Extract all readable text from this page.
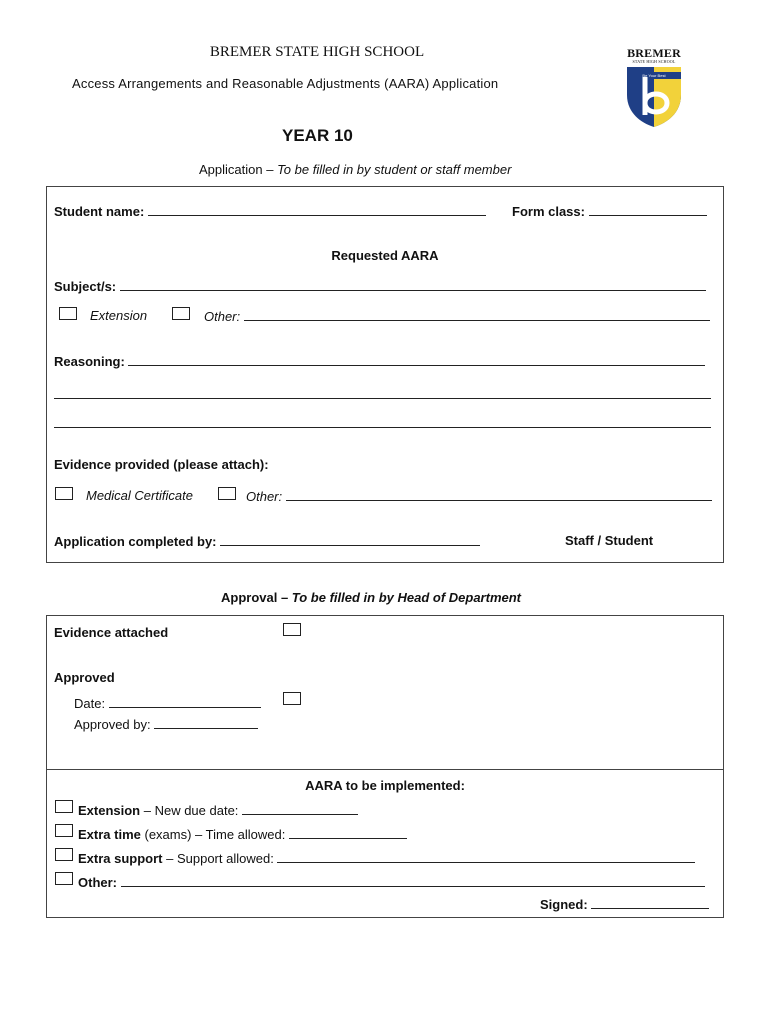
BREMER STATE HIGH SCHOOL
Access Arrangements and Reasonable Adjustments (AARA) Application
BREMER
STATE HIGH SCHOOL
Be Your Best
YEAR 10
Application – To be filled in by student or staff member
Student name:	Form class:
Requested AARA
Subject/s:
Extension	Other:
Reasoning:
Evidence provided (please attach):
Medical Certificate	Other:
Application completed by:	Staff / Student
Approval – To be filled in by Head of Department
Evidence attached
Approved
Date:
Approved by:
AARA to be implemented:
Extension – New due date:
Extra time (exams) – Time allowed:
Extra support – Support allowed:
Other:
Signed:
